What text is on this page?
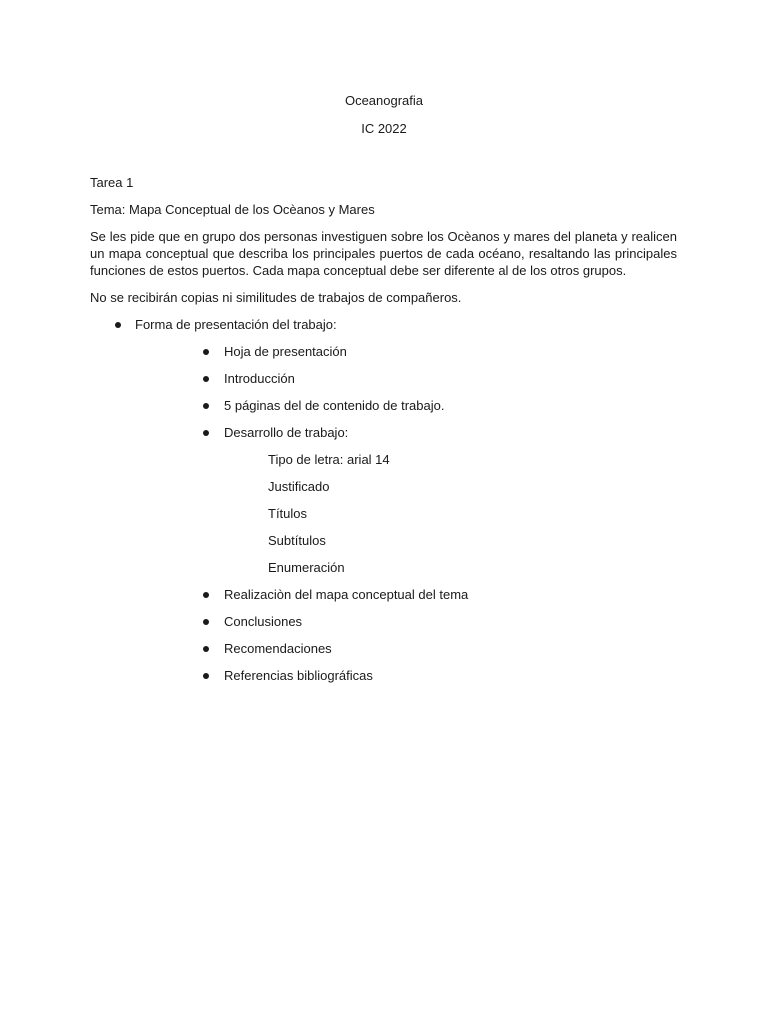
Oceanografia
IC 2022
Tarea 1
Tema: Mapa Conceptual de los Ocèanos y Mares
Se les pide que en grupo dos personas investiguen sobre los Ocèanos y mares del planeta y realicen un mapa conceptual que describa los principales puertos de cada océano, resaltando las principales funciones de estos puertos. Cada mapa conceptual debe ser diferente al de los otros grupos.
No se recibirán copias ni similitudes de trabajos de compañeros.
Forma de presentación del trabajo:
Hoja de presentación
Introducción
5 páginas del de contenido de trabajo.
Desarrollo de trabajo:
Tipo de letra: arial 14
Justificado
Títulos
Subtítulos
Enumeración
Realizaciòn del mapa conceptual del tema
Conclusiones
Recomendaciones
Referencias bibliográficas
